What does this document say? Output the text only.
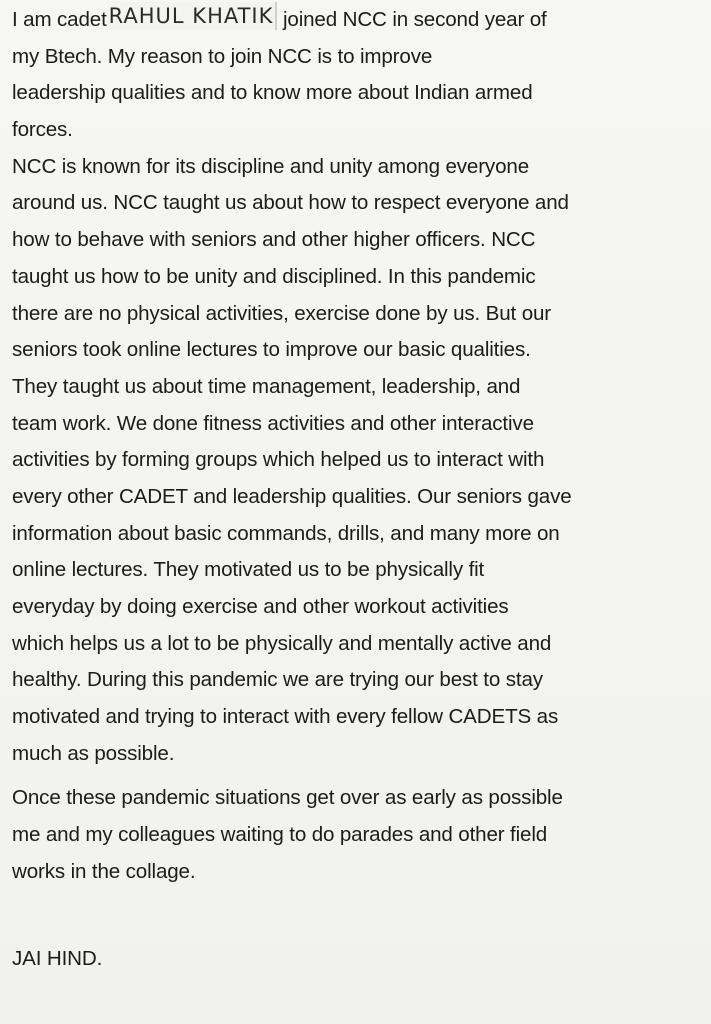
I am cadetRAHUL KHATIK joined NCC in second year of
my Btech. My reason to join NCC is to improve
leadership qualities and to know more about Indian armed
forces.
NCC is known for its discipline and unity among everyone
around us. NCC taught us about how to respect everyone and
how to behave with seniors and other higher officers. NCC
taught us how to be unity and disciplined. In this pandemic
there are no physical activities, exercise done by us. But our
seniors took online lectures to improve our basic qualities.
They taught us about time management, leadership, and
team work. We done fitness activities and other interactive
activities by forming groups which helped us to interact with
every other CADET and leadership qualities. Our seniors gave
information about basic commands, drills, and many more on
online lectures. They motivated us to be physically fit
everyday by doing exercise and other workout activities
which helps us a lot to be physically and mentally active and
healthy. During this pandemic we are trying our best to stay
motivated and trying to interact with every fellow CADETS as
much as possible.
Once these pandemic situations get over as early as possible
me and my colleagues waiting to do parades and other field
works in the collage.
JAI HIND.
